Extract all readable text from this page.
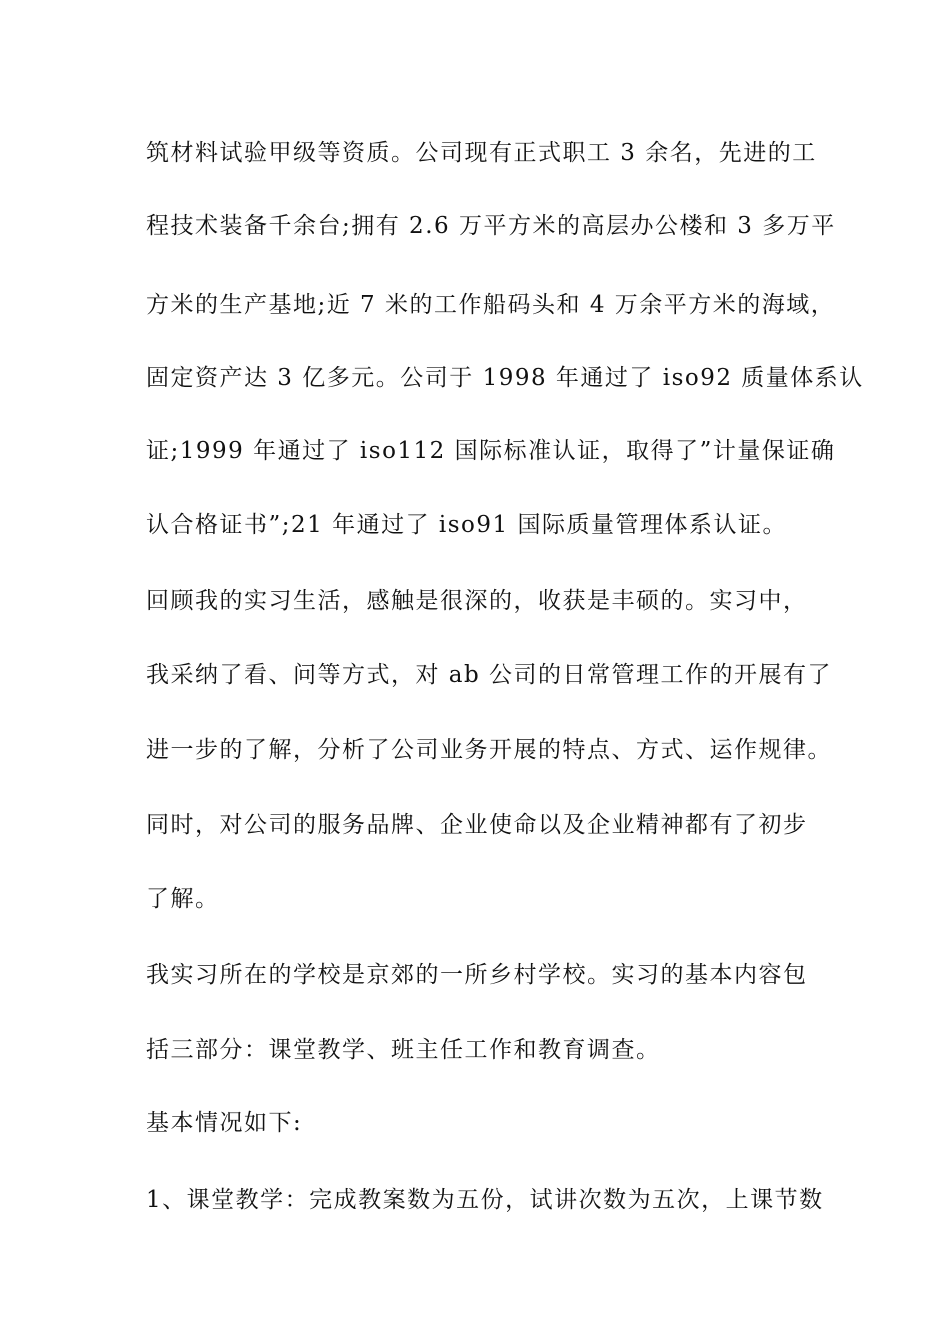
筑材料试验甲级等资质。公司现有正式职工 3 余名，先进的工
程技术装备千余台;拥有 2.6 万平方米的高层办公楼和 3 多万平
方米的生产基地;近 7 米的工作船码头和 4 万余平方米的海域，
固定资产达 3 亿多元。公司于 1998 年通过了 iso92 质量体系认
证;1999 年通过了 iso112 国际标准认证，取得了”计量保证确
认合格证书”;21 年通过了 iso91 国际质量管理体系认证。
回顾我的实习生活，感触是很深的，收获是丰硕的。实习中，
我采纳了看、问等方式，对 ab 公司的日常管理工作的开展有了
进一步的了解，分析了公司业务开展的特点、方式、运作规律。
同时，对公司的服务品牌、企业使命以及企业精神都有了初步
了解。
我实习所在的学校是京郊的一所乡村学校。实习的基本内容包
括三部分：课堂教学、班主任工作和教育调查。
基本情况如下:
1、课堂教学：完成教案数为五份，试讲次数为五次，上课节数
